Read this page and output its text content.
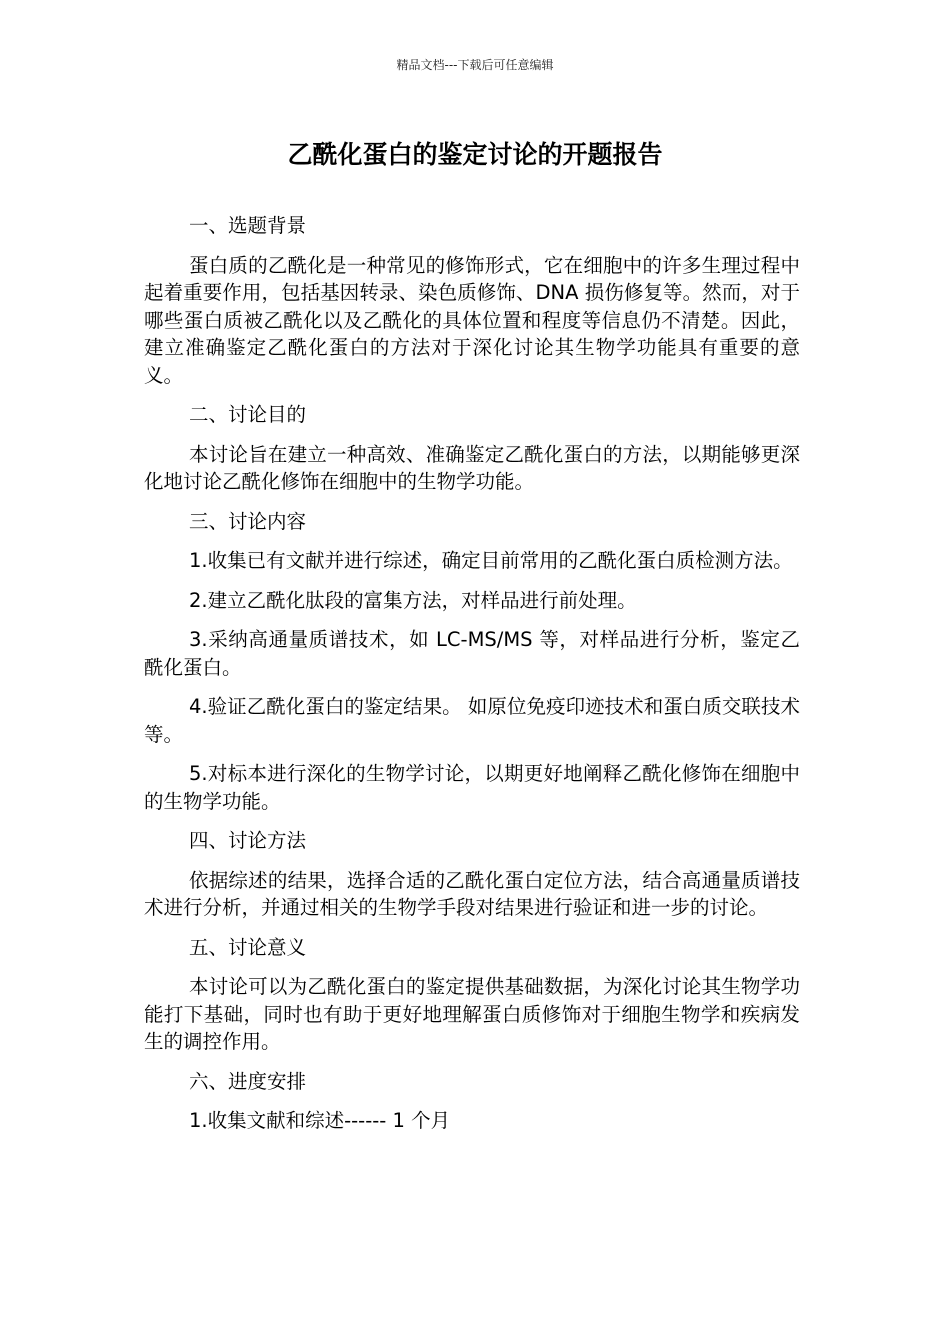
精品文档---下载后可任意编辑
乙酰化蛋白的鉴定讨论的开题报告

一、选题背景

蛋白质的乙酰化是一种常见的修饰形式，它在细胞中的许多生理过程中起着重要作用，包括基因转录、染色质修饰、DNA 损伤修复等。然而，对于哪些蛋白质被乙酰化以及乙酰化的具体位置和程度等信息仍不清楚。因此，建立准确鉴定乙酰化蛋白的方法对于深化讨论其生物学功能具有重要的意义。

二、讨论目的

本讨论旨在建立一种高效、准确鉴定乙酰化蛋白的方法，以期能够更深化地讨论乙酰化修饰在细胞中的生物学功能。

三、讨论内容

1.收集已有文献并进行综述，确定目前常用的乙酰化蛋白质检测方法。

2.建立乙酰化肽段的富集方法，对样品进行前处理。

3.采纳高通量质谱技术，如 LC-MS/MS 等，对样品进行分析，鉴定乙酰化蛋白。

4.验证乙酰化蛋白的鉴定结果。 如原位免疫印迹技术和蛋白质交联技术等。

5.对标本进行深化的生物学讨论，以期更好地阐释乙酰化修饰在细胞中的生物学功能。

四、讨论方法

依据综述的结果，选择合适的乙酰化蛋白定位方法，结合高通量质谱技术进行分析，并通过相关的生物学手段对结果进行验证和进一步的讨论。

五、讨论意义

本讨论可以为乙酰化蛋白的鉴定提供基础数据，为深化讨论其生物学功能打下基础，同时也有助于更好地理解蛋白质修饰对于细胞生物学和疾病发生的调控作用。

六、进度安排

1.收集文献和综述------ 1 个月
